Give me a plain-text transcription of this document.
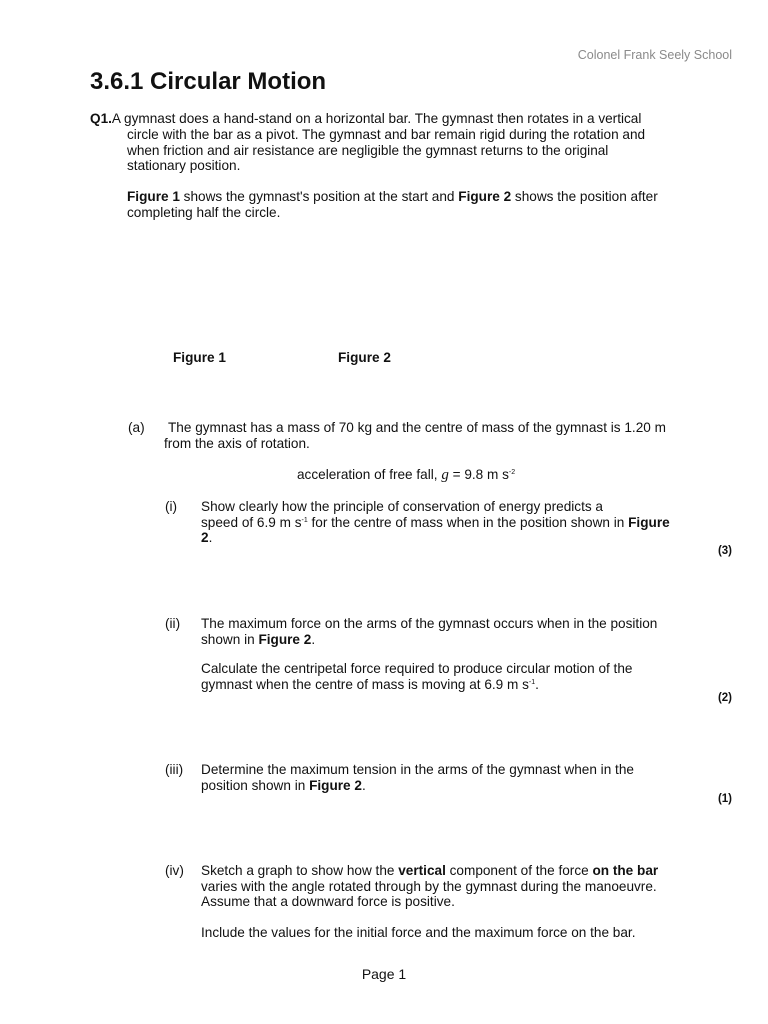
Colonel Frank Seely School
3.6.1 Circular Motion
Q1.A gymnast does a hand-stand on a horizontal bar. The gymnast then rotates in a vertical

circle with the bar as a pivot. The gymnast and bar remain rigid during the rotation and

when friction and air resistance are negligible the gymnast returns to the original

stationary position.

Figure 1 shows the gymnast's position at the start and Figure 2 shows the position after

completing half the circle.

Figure 1	Figure 2
(a) The gymnast has a mass of 70 kg and the centre of mass of the gymnast is 1.20 m

from the axis of rotation.

acceleration of free fall, g = 9.8 m $s^{-2}$
(i) Show clearly how the principle of conservation of energy predicts a

speed of 6.9 m $s^{-1}$ for the centre of mass when in the position shown in Figure

2.

(3)
(ii) The maximum force on the arms of the gymnast occurs when in the position

shown in Figure 2.

Calculate the centripetal force required to produce circular motion of the

gymnast when the centre of mass is moving at 6.9 m $s^{-1}$.

(2)
(iii) Determine the maximum tension in the arms of the gymnast when in the

position shown in Figure 2.

(1)
(iv) Sketch a graph to show how the vertical component of the force on the bar

varies with the angle rotated through by the gymnast during the manoeuvre.

Assume that a downward force is positive.

Include the values for the initial force and the maximum force on the bar.
Page 1
